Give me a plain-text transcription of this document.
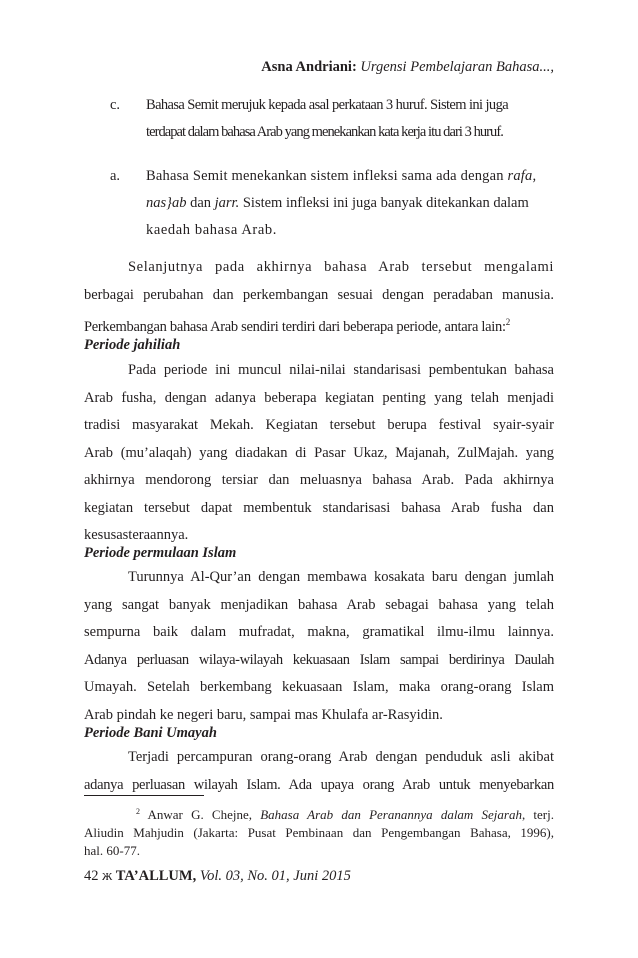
Asna Andriani: Urgensi Pembelajaran Bahasa...,
c. Bahasa Semit merujuk kepada asal perkataan 3 huruf. Sistem ini juga
terdapat dalam bahasa Arab yang menekankan kata kerja itu dari 3 huruf.
a. Bahasa Semit menekankan sistem infleksi sama ada dengan rafa,
nas}ab dan jarr. Sistem infleksi ini juga banyak ditekankan dalam
kaedah bahasa Arab.
Selanjutnya pada akhirnya bahasa Arab tersebut mengalami
berbagai perubahan dan perkembangan sesuai dengan peradaban manusia.
Perkembangan bahasa Arab sendiri terdiri dari beberapa periode, antara lain:$^2$
Periode jahiliah
Pada periode ini muncul nilai-nilai standarisasi pembentukan bahasa
Arab fusha, dengan adanya beberapa kegiatan penting yang telah menjadi
tradisi masyarakat Mekah. Kegiatan tersebut berupa festival syair-syair
Arab (mu’alaqah) yang diadakan di Pasar Ukaz, Majanah, ZulMajah. yang
akhirnya mendorong tersiar dan meluasnya bahasa Arab. Pada akhirnya
kegiatan tersebut dapat membentuk standarisasi bahasa Arab fusha dan
kesusasteraannya.
Periode permulaan Islam
Turunnya Al-Qur’an dengan membawa kosakata baru dengan jumlah
yang sangat banyak menjadikan bahasa Arab sebagai bahasa yang telah
sempurna baik dalam mufradat, makna, gramatikal ilmu-ilmu lainnya.
Adanya perluasan wilaya-wilayah kekuasaan Islam sampai berdirinya Daulah
Umayah. Setelah berkembang kekuasaan Islam, maka orang-orang Islam
Arab pindah ke negeri baru, sampai mas Khulafa ar-Rasyidin.
Periode Bani Umayah
Terjadi percampuran orang-orang Arab dengan penduduk asli akibat
adanya perluasan wilayah Islam. Ada upaya orang Arab untuk menyebarkan
$^2$ Anwar G. Chejne, Bahasa Arab dan Peranannya dalam Sejarah, terj.
Aliudin Mahjudin (Jakarta: Pusat Pembinaan dan Pengembangan Bahasa, 1996),
hal. 60-77.
42 ж TA’ALLUM, Vol. 03, No. 01, Juni 2015
